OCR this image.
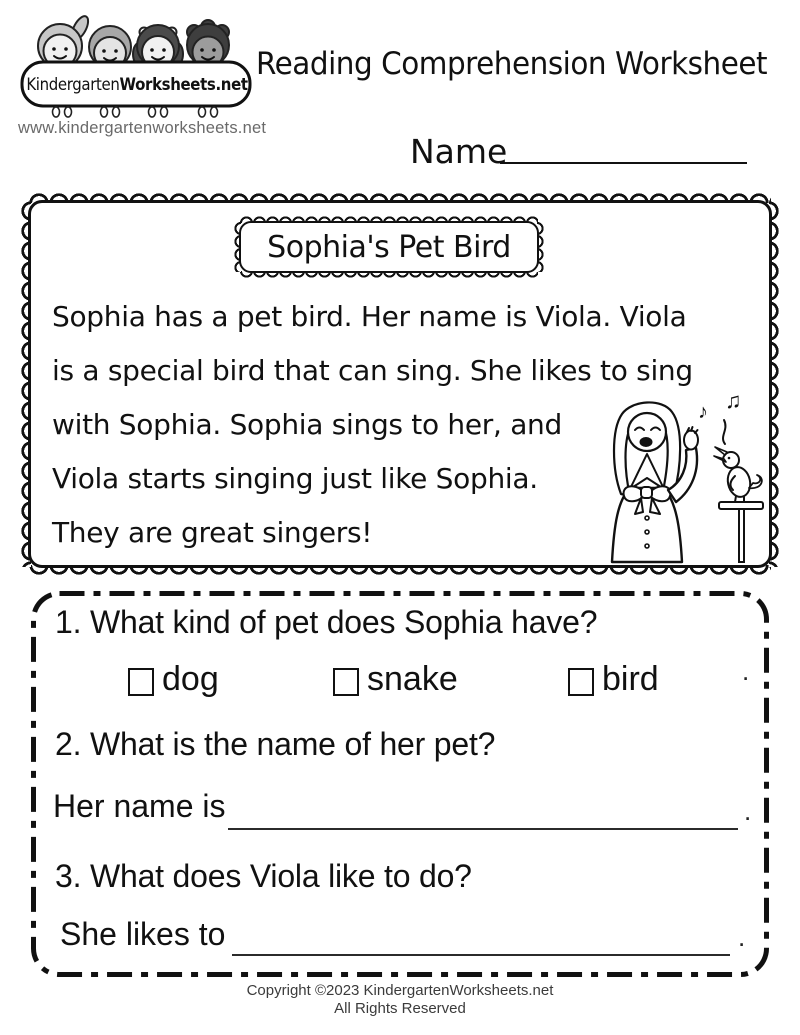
Kindergarten Worksheets.net
www.kindergartenworksheets.net
Reading Comprehension Worksheet
Name
Sophia's Pet Bird
Sophia has a pet bird. Her name is Viola. Viola
is a special bird that can sing. She likes to sing
with Sophia. Sophia sings to her, and
Viola starts singing just like Sophia.
They are great singers!
♪ ♫
1. What kind of pet does Sophia have?
dog	snake	bird	.
2. What is the name of her pet?
Her name is	.
3. What does Viola like to do?
She likes to	.
Copyright ©2023 KindergartenWorksheets.net
All Rights Reserved
